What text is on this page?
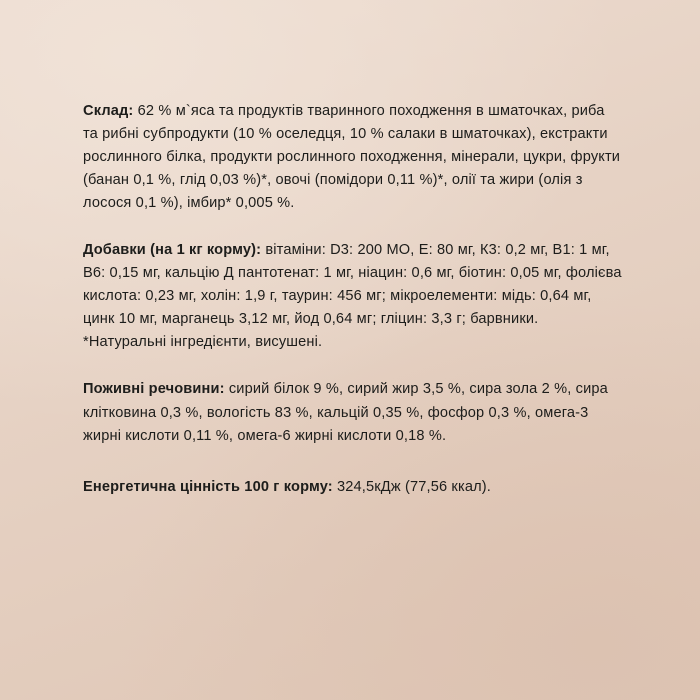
Склад: 62 % м`яса та продуктів тваринного походження в шматочках, риба та рибні субпродукти (10 % оселедця, 10 % салаки в шматочках), екстракти рослинного білка, продукти рослинного походження, мінерали, цукри, фрукти (банан 0,1 %, глід 0,03 %)*, овочі (помідори 0,11 %)*, олії та жири (олія з лосося 0,1 %), імбир* 0,005 %.

Добавки (на 1 кг корму): вітаміни: D3: 200 МО, Е: 80 мг, К3: 0,2 мг, В1: 1 мг, В6: 0,15 мг, кальцію Д пантотенат: 1 мг, ніацин: 0,6 мг, біотин: 0,05 мг, фолієва кислота: 0,23 мг, холін: 1,9 г, таурин: 456 мг; мікроелементи: мідь: 0,64 мг, цинк 10 мг, марганець 3,12 мг, йод 0,64 мг; гліцин: 3,3 г; барвники. *Натуральні інгредієнти, висушені.

Поживні речовини: сирий білок 9 %, сирий жир 3,5 %, сира зола 2 %, сира клітковина 0,3 %, вологість 83 %, кальцій 0,35 %, фосфор 0,3 %, омега-3 жирні кислоти 0,11 %, омега-6 жирні кислоти 0,18 %.

Енергетична цінність 100 г корму: 324,5кДж (77,56 ккал).
